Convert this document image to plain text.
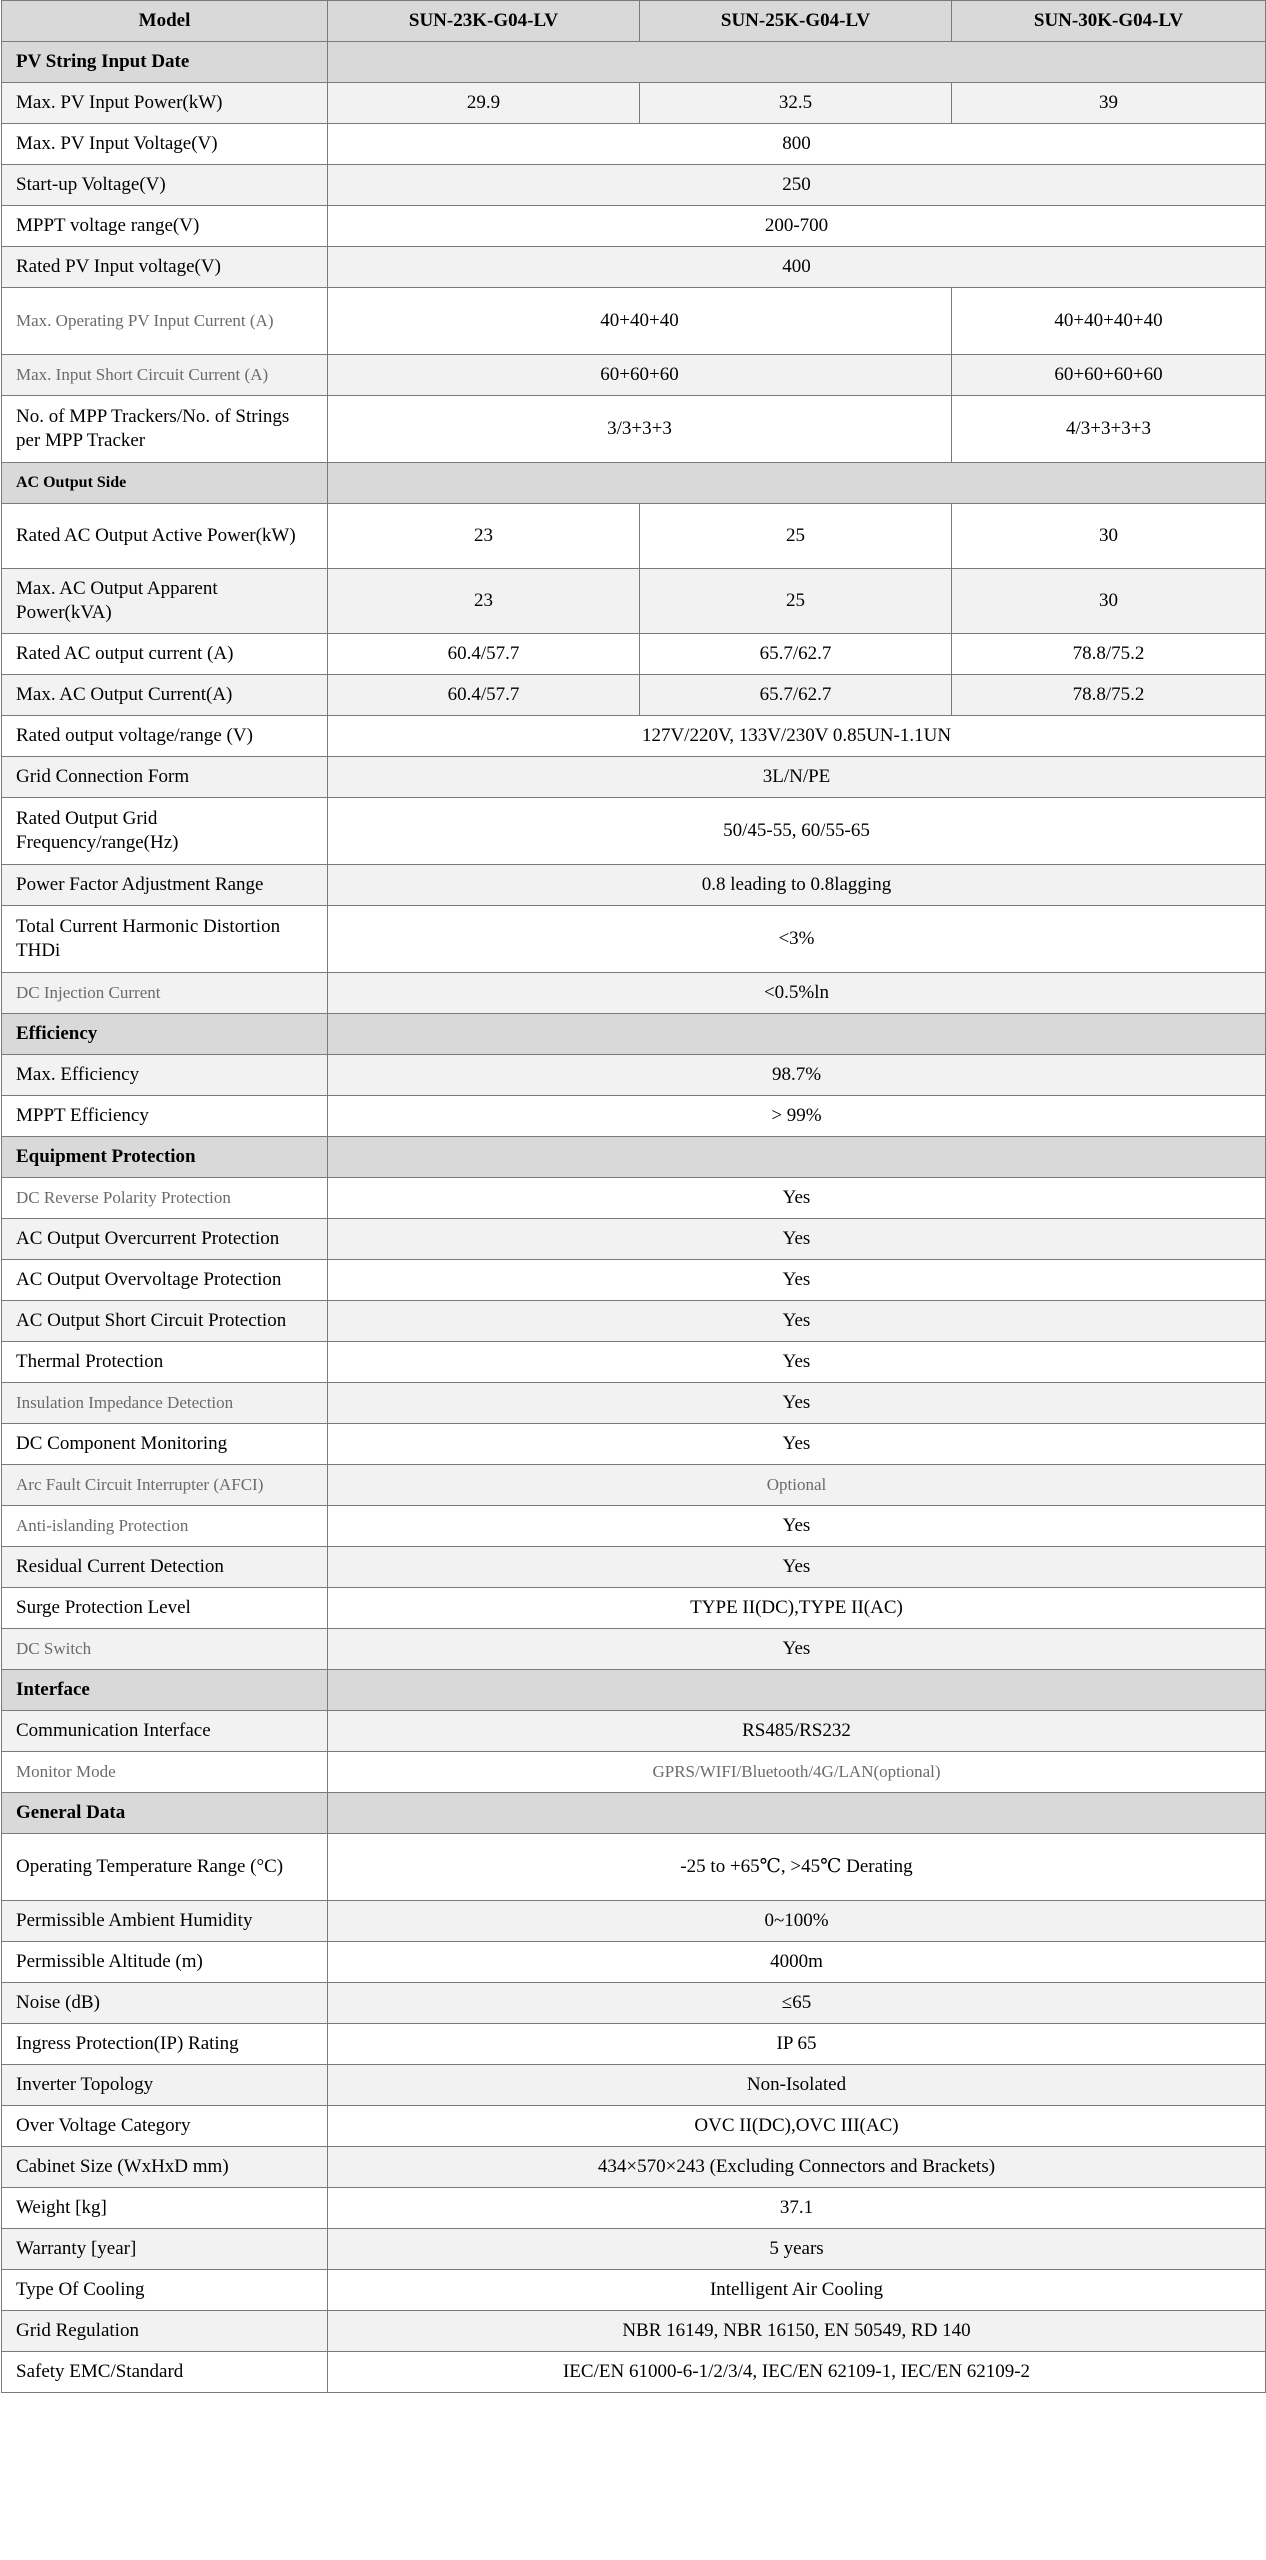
Model	SUN-23K-G04-LV	SUN-25K-G04-LV	SUN-30K-G04-LV
PV String Input Date			
Max. PV Input Power(kW)	29.9	32.5	39
Max. PV Input Voltage(V)	800		
Start-up Voltage(V)	250		
MPPT voltage range(V)	200-700		
Rated PV Input voltage(V)	400		
Max. Operating PV Input Current (A)	40+40+40		40+40+40+40
Max. Input Short Circuit Current (A)	60+60+60		60+60+60+60
No. of MPP Trackers/No. of Strings per MPP Tracker	3/3+3+3		4/3+3+3+3
AC Output Side			
Rated AC Output Active Power(kW)	23	25	30
Max. AC Output Apparent Power(kVA)	23	25	30
Rated AC output current (A)	60.4/57.7	65.7/62.7	78.8/75.2
Max. AC Output Current(A)	60.4/57.7	65.7/62.7	78.8/75.2
Rated output voltage/range (V)	127V/220V, 133V/230V 0.85UN-1.1UN		
Grid Connection Form	3L/N/PE		
Rated Output Grid Frequency/range(Hz)	50/45-55, 60/55-65		
Power Factor Adjustment Range	0.8 leading to 0.8lagging		
Total Current Harmonic Distortion THDi	<3%		
DC Injection Current	<0.5%ln		
Efficiency			
Max. Efficiency	98.7%		
MPPT Efficiency	> 99%		
Equipment Protection			
DC Reverse Polarity Protection	Yes		
AC Output Overcurrent Protection	Yes		
AC Output Overvoltage Protection	Yes		
AC Output Short Circuit Protection	Yes		
Thermal Protection	Yes		
Insulation Impedance Detection	Yes		
DC Component Monitoring	Yes		
Arc Fault Circuit Interrupter (AFCI)	Optional		
Anti-islanding Protection	Yes		
Residual Current Detection	Yes		
Surge Protection Level	TYPE II(DC),TYPE II(AC)		
DC Switch	Yes		
Interface			
Communication Interface	RS485/RS232		
Monitor Mode	GPRS/WIFI/Bluetooth/4G/LAN(optional)		
General Data			
Operating Temperature Range (°C)	-25 to +65℃, >45℃ Derating		
Permissible Ambient Humidity	0~100%		
Permissible Altitude (m)	4000m		
Noise (dB)	≤65		
Ingress Protection(IP) Rating	IP 65		
Inverter Topology	Non-Isolated		
Over Voltage Category	OVC II(DC),OVC III(AC)		
Cabinet Size (WxHxD mm)	434×570×243 (Excluding Connectors and Brackets)		
Weight [kg]	37.1		
Warranty [year]	5 years		
Type Of Cooling	Intelligent Air Cooling		
Grid Regulation	NBR 16149, NBR 16150, EN 50549, RD 140		
Safety EMC/Standard	IEC/EN 61000-6-1/2/3/4, IEC/EN 62109-1, IEC/EN 62109-2		
